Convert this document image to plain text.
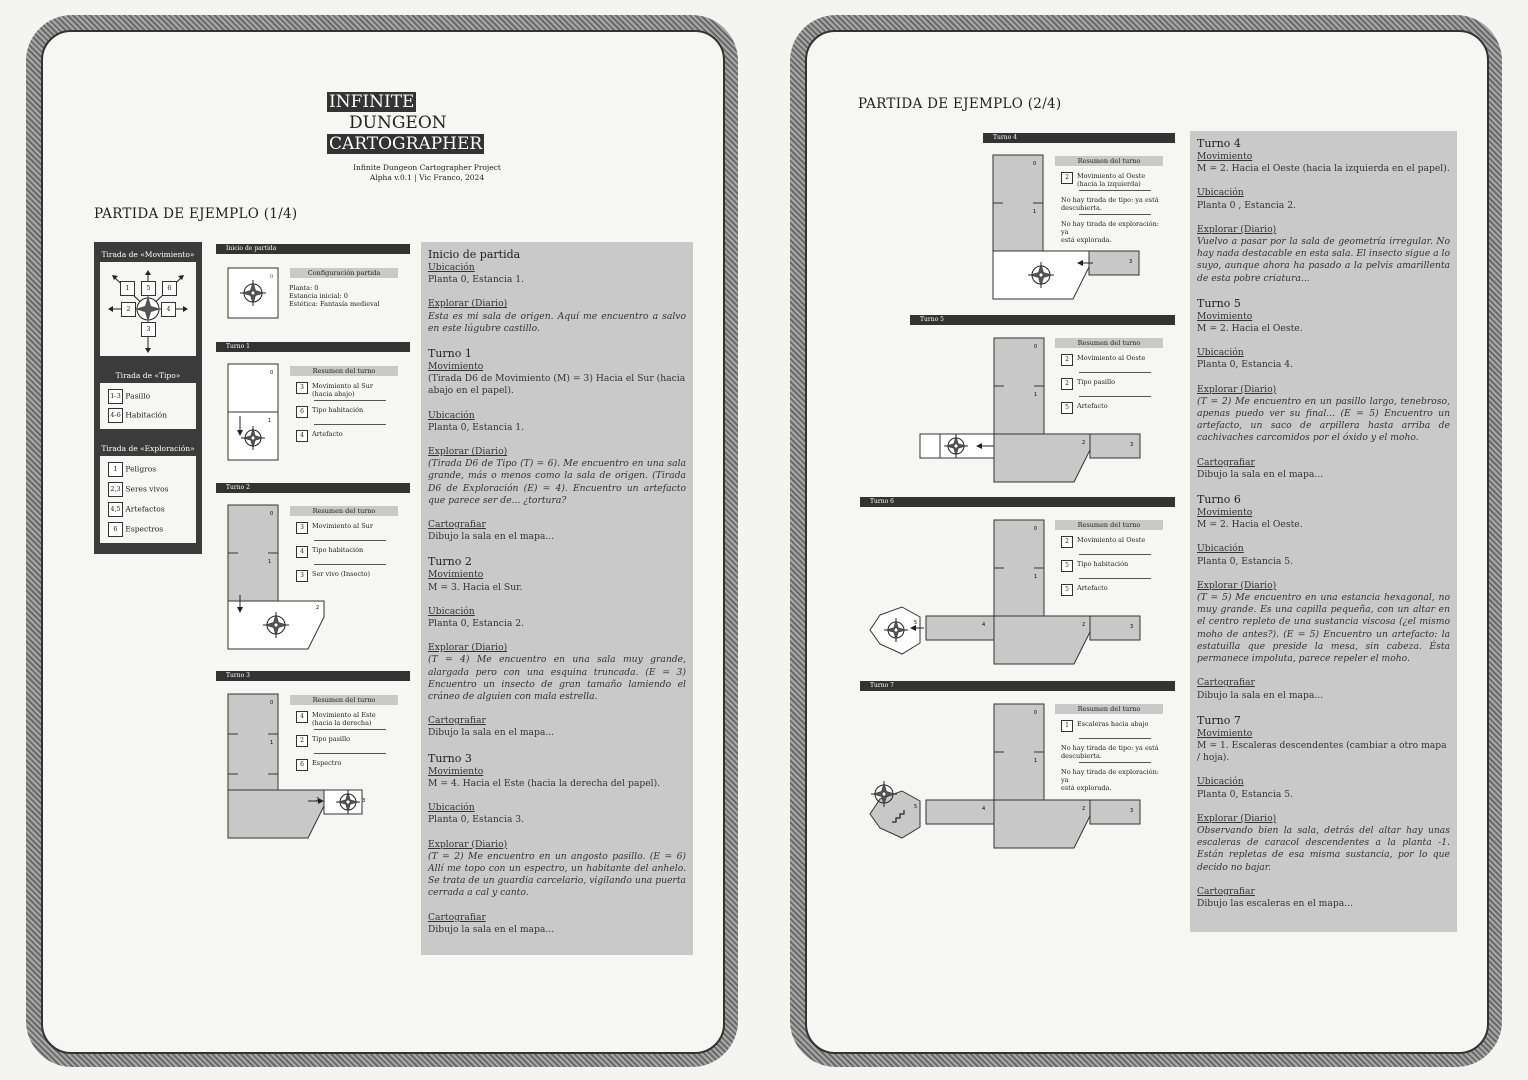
INFINITE
DUNGEON
CARTOGRAPHER
Infinite Dungeon Cartographer Project
Alpha v.0.1 | Vic Franco, 2024
PARTIDA DE EJEMPLO (1/4)
Tirada de «Movimiento»
1	5	6
2	4
3
Tirada de «Tipo»
1-3 Pasillo
4-6 Habitación
Tirada de «Exploración»
1 Peligros
2,3 Seres vivos
4,5 Artefactos
6 Espectros
Inicio de partida
0	Configuración partida
Planta: 0
Estancia inicial: 0
Estética: Fantasía medieval
Turno 1
0
1
Resumen del turno
3	Movimiento al Sur
(hacia abajo)
6	Tipo habitación
4	Artefacto
Turno 2
0
1
2
Resumen del turno
3	Movimiento al Sur
4	Tipo habitación
3	Ser vivo (Insecto)
Turno 3
0
1
2	3
Resumen del turno
4	Movimiento al Este
(hacia la derecha)
2	Tipo pasillo
6	Espectro

Inicio de partida

Ubicación

Planta 0, Estancia 1.

Explorar (Diario)

Esta es mi sala de origen. Aquí me encuentro a salvo en este lúgubre castillo.

Turno 1

Movimiento

(Tirada D6 de Movimiento (M) = 3) Hacia el Sur (hacia abajo en el papel).

Ubicación

Planta 0, Estancia 1.

Explorar (Diario)

(Tirada D6 de Tipo (T) = 6). Me encuentro en una sala grande, más o menos como la sala de origen. (Tirada D6 de Exploración (E) = 4). Encuentro un artefacto que parece ser de... ¿tortura?

Cartografiar

Dibujo la sala en el mapa...

Turno 2

Movimiento

M = 3. Hacia el Sur.

Ubicación

Planta 0, Estancia 2.

Explorar (Diario)

(T = 4) Me encuentro en una sala muy grande, alargada pero con una esquina truncada. (E = 3) Encuentro un insecto de gran tamaño lamiendo el cráneo de alguien con mala estrella.

Cartografiar

Dibujo la sala en el mapa...

Turno 3

Movimiento

M = 4. Hacia el Este (hacia la derecha del papel).

Ubicación

Planta 0, Estancia 3.

Explorar (Diario)

(T = 2) Me encuentro en un angosto pasillo. (E = 6) Allí me topo con un espectro, un habitante del anhelo. Se trata de un guardia carcelario, vigilando una puerta cerrada a cal y canto.

Cartografiar

Dibujo la sala en el mapa...

PARTIDA DE EJEMPLO (2/4)
Turno 4
0
1
3
Resumen del turno
2	Movimiento al Oeste
(hacia la izquierda)
No hay tirada de tipo: ya está
descubierta.
No hay tirada de exploración: ya
está explorada.
Turno 5
0
1
2	3
Resumen del turno
2	Movimiento al Oeste
2	Tipo pasillo
5	Artefacto
Turno 6
0
1
2	3
4
5
Resumen del turno
2	Movimiento al Oeste
5	Tipo habitación
5	Artefacto
Turno 7
0
1
2	3
4
5
Resumen del turno
1	Escaleras hacia abajo
No hay tirada de tipo: ya está
descubierta.
No hay tirada de exploración: ya
está explorada.

Turno 4

Movimiento

M = 2. Hacia el Oeste (hacia la izquierda en el papel).

Ubicación

Planta 0 , Estancia 2.

Explorar (Diario)

Vuelvo a pasar por la sala de geometría irregular. No hay nada destacable en esta sala. El insecto sigue a lo suyo, aunque ahora ha pasado a la pelvis amarillenta de esta pobre criatura...

Turno 5

Movimiento

M = 2. Hacia el Oeste.

Ubicación

Planta 0, Estancia 4.

Explorar (Diario)

(T = 2) Me encuentro en un pasillo largo, tenebroso, apenas puedo ver su final... (E = 5) Encuentro un artefacto, un saco de arpillera hasta arriba de cachivaches carcomidos por el óxido y el moho.

Cartografiar

Dibujo la sala en el mapa...

Turno 6

Movimiento

M = 2. Hacia el Oeste.

Ubicación

Planta 0, Estancia 5.

Explorar (Diario)

(T = 5) Me encuentro en una estancia hexagonal, no muy grande. Es una capilla pequeña, con un altar en el centro repleto de una sustancia viscosa (¿el mismo moho de antes?). (E = 5) Encuentro un artefacto: la estatuilla que preside la mesa, sin cabeza. Ésta permanece impoluta, parece repeler el moho.

Cartografiar

Dibujo la sala en el mapa...

Turno 7

Movimiento

M = 1. Escaleras descendentes (cambiar a otro mapa / hoja).

Ubicación

Planta 0, Estancia 5.

Explorar (Diario)

Observando bien la sala, detrás del altar hay unas escaleras de caracol descendentes a la planta -1. Están repletas de esa misma sustancia, por lo que decido no bajar.

Cartografiar

Dibujo las escaleras en el mapa...
